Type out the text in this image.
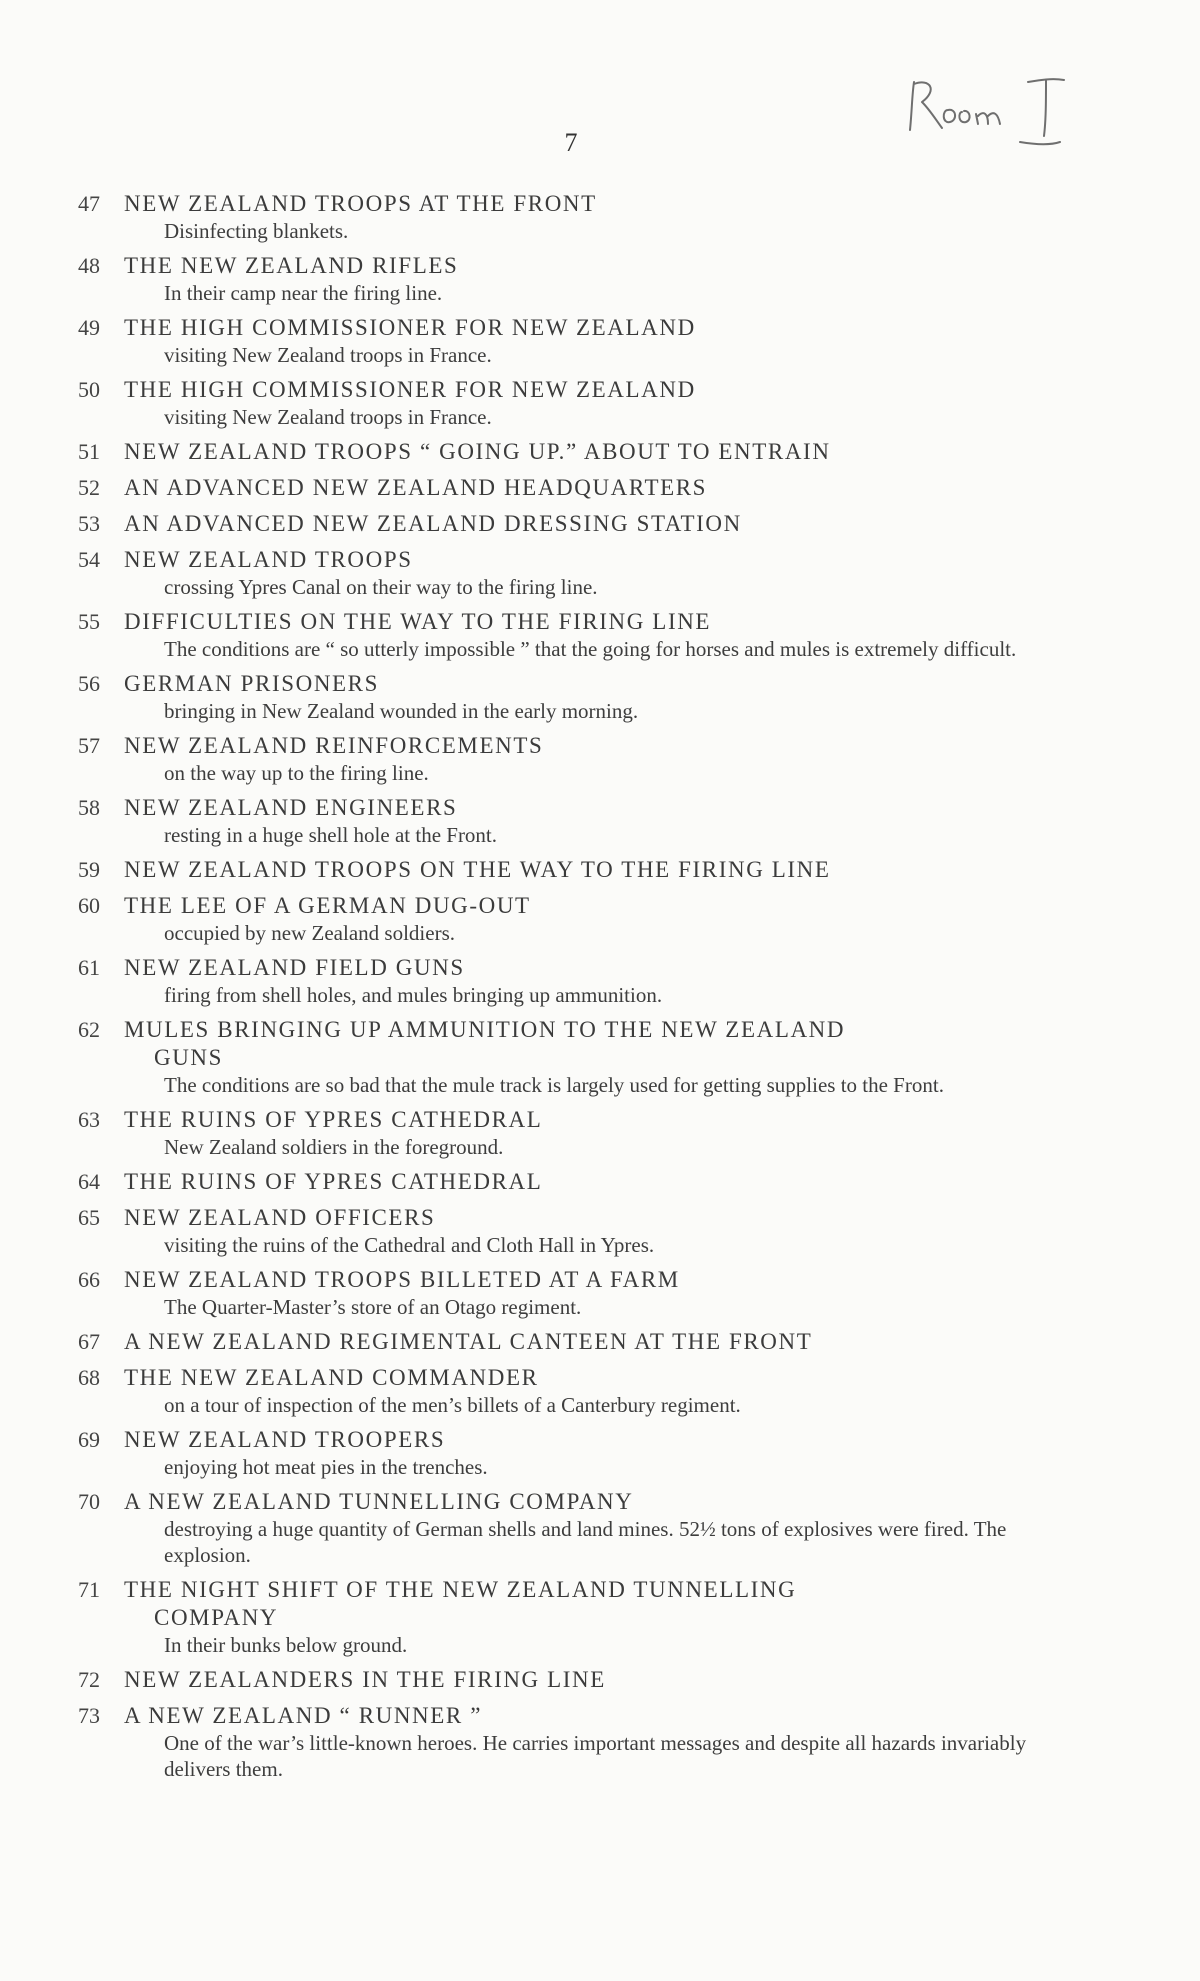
7
47 NEW ZEALAND TROOPS AT THE FRONT
Disinfecting blankets.
48 THE NEW ZEALAND RIFLES
In their camp near the firing line.
49 THE HIGH COMMISSIONER FOR NEW ZEALAND
visiting New Zealand troops in France.
50 THE HIGH COMMISSIONER FOR NEW ZEALAND
visiting New Zealand troops in France.
51 NEW ZEALAND TROOPS “ GOING UP.” ABOUT TO ENTRAIN
52 AN ADVANCED NEW ZEALAND HEADQUARTERS
53 AN ADVANCED NEW ZEALAND DRESSING STATION
54 NEW ZEALAND TROOPS
crossing Ypres Canal on their way to the firing line.
55 DIFFICULTIES ON THE WAY TO THE FIRING LINE
The conditions are “ so utterly impossible ” that the going for horses and mules is extremely difficult.
56 GERMAN PRISONERS
bringing in New Zealand wounded in the early morning.
57 NEW ZEALAND REINFORCEMENTS
on the way up to the firing line.
58 NEW ZEALAND ENGINEERS
resting in a huge shell hole at the Front.
59 NEW ZEALAND TROOPS ON THE WAY TO THE FIRING LINE
60 THE LEE OF A GERMAN DUG-OUT
occupied by new Zealand soldiers.
61 NEW ZEALAND FIELD GUNS
firing from shell holes, and mules bringing up ammunition.
62 MULES BRINGING UP AMMUNITION TO THE NEW ZEALAND
GUNS
The conditions are so bad that the mule track is largely used for getting supplies to the Front.
63 THE RUINS OF YPRES CATHEDRAL
New Zealand soldiers in the foreground.
64 THE RUINS OF YPRES CATHEDRAL
65 NEW ZEALAND OFFICERS
visiting the ruins of the Cathedral and Cloth Hall in Ypres.
66 NEW ZEALAND TROOPS BILLETED AT A FARM
The Quarter-Master’s store of an Otago regiment.
67 A NEW ZEALAND REGIMENTAL CANTEEN AT THE FRONT
68 THE NEW ZEALAND COMMANDER
on a tour of inspection of the men’s billets of a Canterbury regiment.
69 NEW ZEALAND TROOPERS
enjoying hot meat pies in the trenches.
70 A NEW ZEALAND TUNNELLING COMPANY
destroying a huge quantity of German shells and land mines. 52½ tons of explosives were fired. The explosion.
71 THE NIGHT SHIFT OF THE NEW ZEALAND TUNNELLING
COMPANY
In their bunks below ground.
72 NEW ZEALANDERS IN THE FIRING LINE
73 A NEW ZEALAND “ RUNNER ”
One of the war’s little-known heroes. He carries important messages and despite all hazards invariably delivers them.
